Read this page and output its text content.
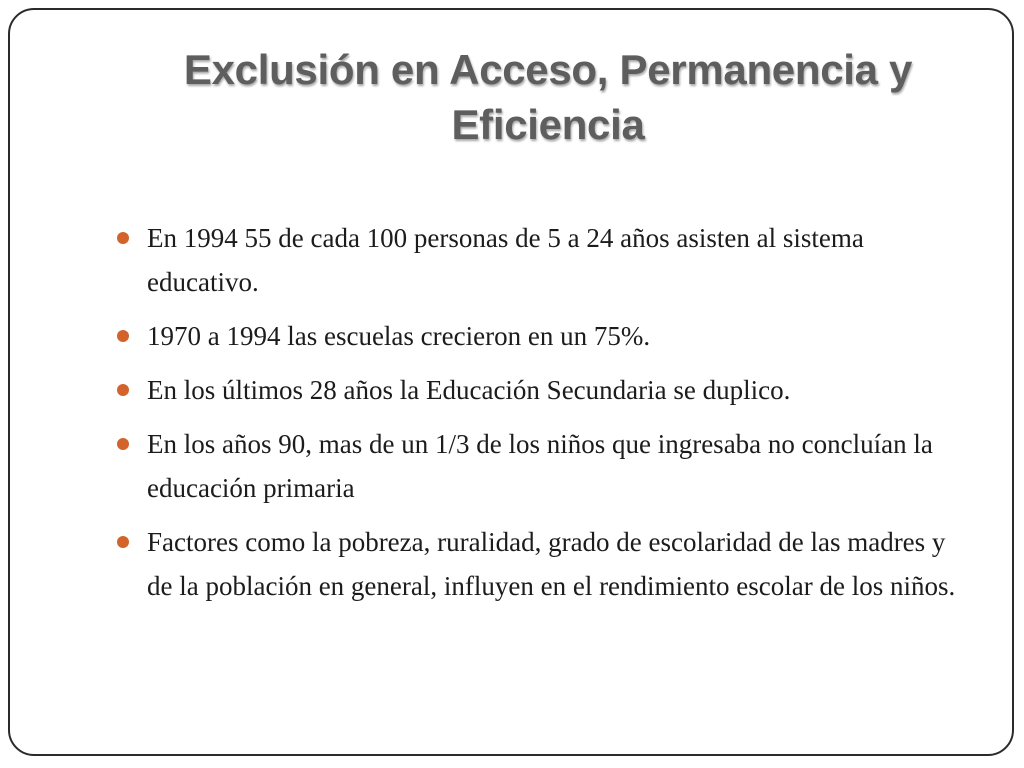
Exclusión en Acceso, Permanencia y Eficiencia
En 1994 55 de cada 100 personas de 5 a 24 años asisten al sistema educativo.
1970 a 1994 las escuelas crecieron en un 75%.
En los últimos 28 años la Educación Secundaria se duplico.
En los años 90, mas de un 1/3 de los niños que ingresaba no concluían la educación primaria
Factores como la pobreza, ruralidad, grado de escolaridad de las madres y de la población en general, influyen en el rendimiento escolar de los niños.
